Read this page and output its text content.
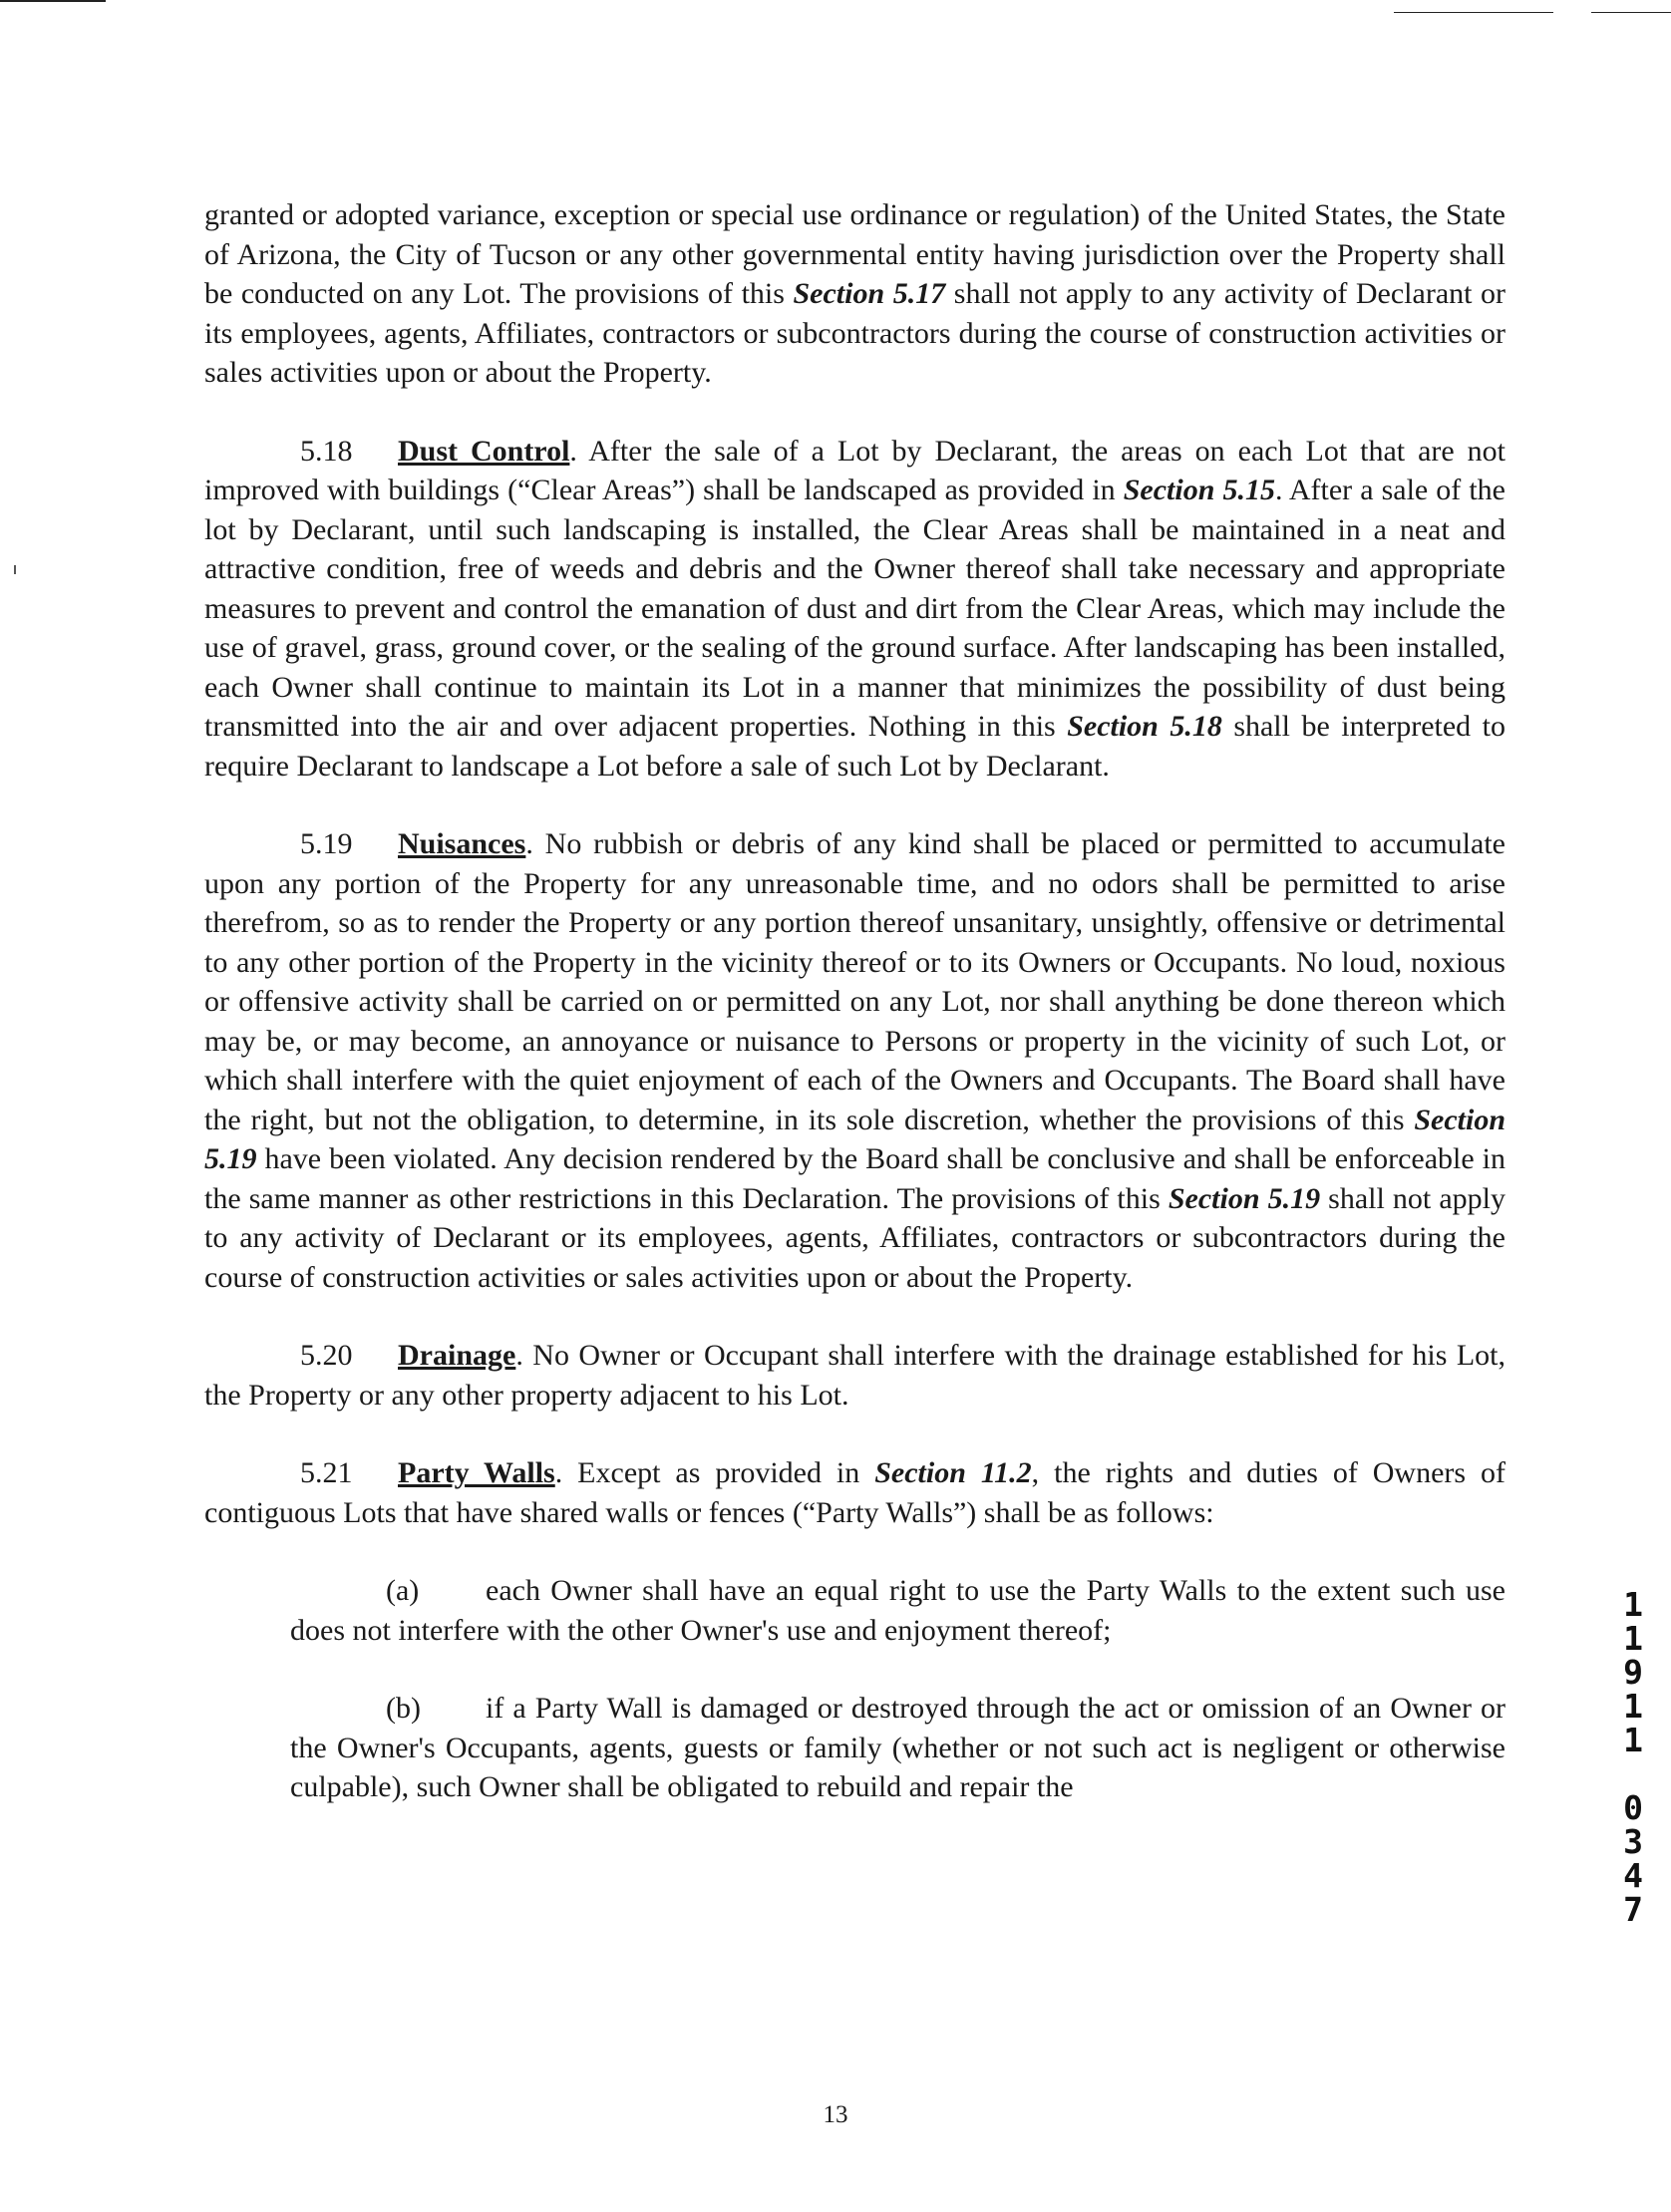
granted or adopted variance, exception or special use ordinance or regulation) of the United States, the State of Arizona, the City of Tucson or any other governmental entity having jurisdiction over the Property shall be conducted on any Lot. The provisions of this Section 5.17 shall not apply to any activity of Declarant or its employees, agents, Affiliates, contractors or subcontractors during the course of construction activities or sales activities upon or about the Property.

5.18 Dust Control. After the sale of a Lot by Declarant, the areas on each Lot that are not improved with buildings (“Clear Areas”) shall be landscaped as provided in Section 5.15. After a sale of the lot by Declarant, until such landscaping is installed, the Clear Areas shall be maintained in a neat and attractive condition, free of weeds and debris and the Owner thereof shall take necessary and appropriate measures to prevent and control the emanation of dust and dirt from the Clear Areas, which may include the use of gravel, grass, ground cover, or the sealing of the ground surface. After landscaping has been installed, each Owner shall continue to maintain its Lot in a manner that minimizes the possibility of dust being transmitted into the air and over adjacent properties. Nothing in this Section 5.18 shall be interpreted to require Declarant to landscape a Lot before a sale of such Lot by Declarant.

5.19 Nuisances. No rubbish or debris of any kind shall be placed or permitted to accumulate upon any portion of the Property for any unreasonable time, and no odors shall be permitted to arise therefrom, so as to render the Property or any portion thereof unsanitary, unsightly, offensive or detrimental to any other portion of the Property in the vicinity thereof or to its Owners or Occupants. No loud, noxious or offensive activity shall be carried on or permitted on any Lot, nor shall anything be done thereon which may be, or may become, an annoyance or nuisance to Persons or property in the vicinity of such Lot, or which shall interfere with the quiet enjoyment of each of the Owners and Occupants. The Board shall have the right, but not the obligation, to determine, in its sole discretion, whether the provisions of this Section 5.19 have been violated. Any decision rendered by the Board shall be conclusive and shall be enforceable in the same manner as other restrictions in this Declaration. The provisions of this Section 5.19 shall not apply to any activity of Declarant or its employees, agents, Affiliates, contractors or subcontractors during the course of construction activities or sales activities upon or about the Property.

5.20 Drainage. No Owner or Occupant shall interfere with the drainage established for his Lot, the Property or any other property adjacent to his Lot.

5.21 Party Walls. Except as provided in Section 11.2, the rights and duties of Owners of contiguous Lots that have shared walls or fences (“Party Walls”) shall be as follows:

(a) each Owner shall have an equal right to use the Party Walls to the extent such use does not interfere with the other Owner's use and enjoyment thereof;

(b) if a Party Wall is damaged or destroyed through the act or omission of an Owner or the Owner's Occupants, agents, guests or family (whether or not such act is negligent or otherwise culpable), such Owner shall be obligated to rebuild and repair the

13
1
1
9
1
1
0
3
4
7
